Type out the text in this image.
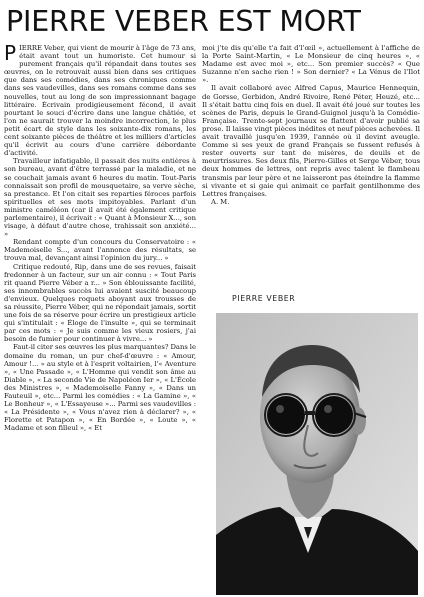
PIERRE VEBER EST MORT

PIERRE Veber, qui vient de mourir à l'âge de 73 ans, était avant tout un humoriste. Cet humour si purement français qu'il répandait dans toutes ses œuvres, on le retrouvait aussi bien dans ses critiques que dans ses comédies, dans ses chroniques comme dans ses vaudevilles, dans ses romans comme dans ses nouvelles, tout au long de son impressionnant bagage littéraire. Écrivain prodigieusement fécond, il avait pourtant le souci d'écrire dans une langue châtiée, et l'on ne saurait trouver la moindre incorrection, le plus petit écart de style dans les soixante-dix romans, les cent soixante pièces de théâtre et les milliers d'articles qu'il écrivit au cours d'une carrière débordante d'activité.

Travailleur infatigable, il passait des nuits entières à son bureau, avant d'être terrassé par la maladie, et ne se couchait jamais avant 6 heures du matin. Tout-Paris connaissait son profil de mousquetaire, sa verve sèche, sa prestance. Et l'on citait ses reparties féroces parfois spirituelles et ses mots impitoyables. Parlant d'un ministre caméléon (car il avait été également critique parlementaire), il écrivait : « Quant à Monsieur X..., son visage, à défaut d'autre chose, trahissait son anxiété... »

Rendant compte d'un concours du Conservatoire : « Mademoiselle S..., avant l'annonce des résultats, se trouva mal, devançant ainsi l'opinion du jury... »

Critique redouté, Rip, dans une de ses revues, faisait fredonner à un facteur, sur un air connu : « Tout Paris rit quand Pierre Véber a r... » Son éblouissante facilité, ses innombrables succès lui avaient suscité beaucoup d'envieux. Quelques roquets aboyant aux trousses de sa réussite, Pierre Véber, qui ne répondait jamais, sortit une fois de sa réserve pour écrire un prestigieux article qui s'intitulait : « Éloge de l'insulte », qui se terminait par ces mots : « Je suis comme les vieux rosiers, j'ai besoin de fumier pour continuer à vivre... »

Faut-il citer ses œuvres les plus marquantes? Dans le domaine du roman, un pur chef-d'œuvre : « Amour, Amour !... » au style et à l'esprit voltairien, l'« Aventure », « Une Passade », « L'Homme qui vendit son âme au Diable », « La seconde Vie de Napoléon Ier », « L'École des Ministres », « Mademoiselle Fanny », « Dans un Fauteuil », etc... Parmi les comédies : « La Gamine », « Le Bonheur », « L'Essayeuse »... Parmi ses vaudevilles : « La Présidente », « Vous n'avez rien à déclarer? », « Florette et Patapon », « En Bordée », « Loute », « Madame et son filleul », « Et

moi j'te dis qu'elle t'a fait d'l'œil », actuellement à l'affiche de la Porte Saint-Martin, « Le Monsieur de cinq heures », « Madame est avec moi », etc... Son premier succès? « Que Suzanne n'en sache rien ! » Son dernier? « La Vénus de l'Ilot ».

Il avait collaboré avec Alfred Capus, Maurice Hennequin, de Gorsse, Gerbidon, André Rivoire, René Péter, Heuzé, etc... Il s'était battu cinq fois en duel. Il avait été joué sur toutes les scènes de Paris, depuis le Grand-Guignol jusqu'à la Comédie-Française. Trente-sept journaux se flattent d'avoir publié sa prose. Il laisse vingt pièces inédites et neuf pièces achevées. Il avait travaillé jusqu'en 1939, l'année où il devint aveugle. Comme si ses yeux de grand Français se fussent refusés à rester ouverts sur tant de misères, de deuils et de meurtrissures. Ses deux fils, Pierre-Gilles et Serge Véber, tous deux hommes de lettres, ont repris avec talent le flambeau transmis par leur père et ne laisseront pas éteindre la flamme si vivante et si gaie qui animait ce parfait gentilhomme des Lettres françaises.

A. M.

PIERRE VEBER
